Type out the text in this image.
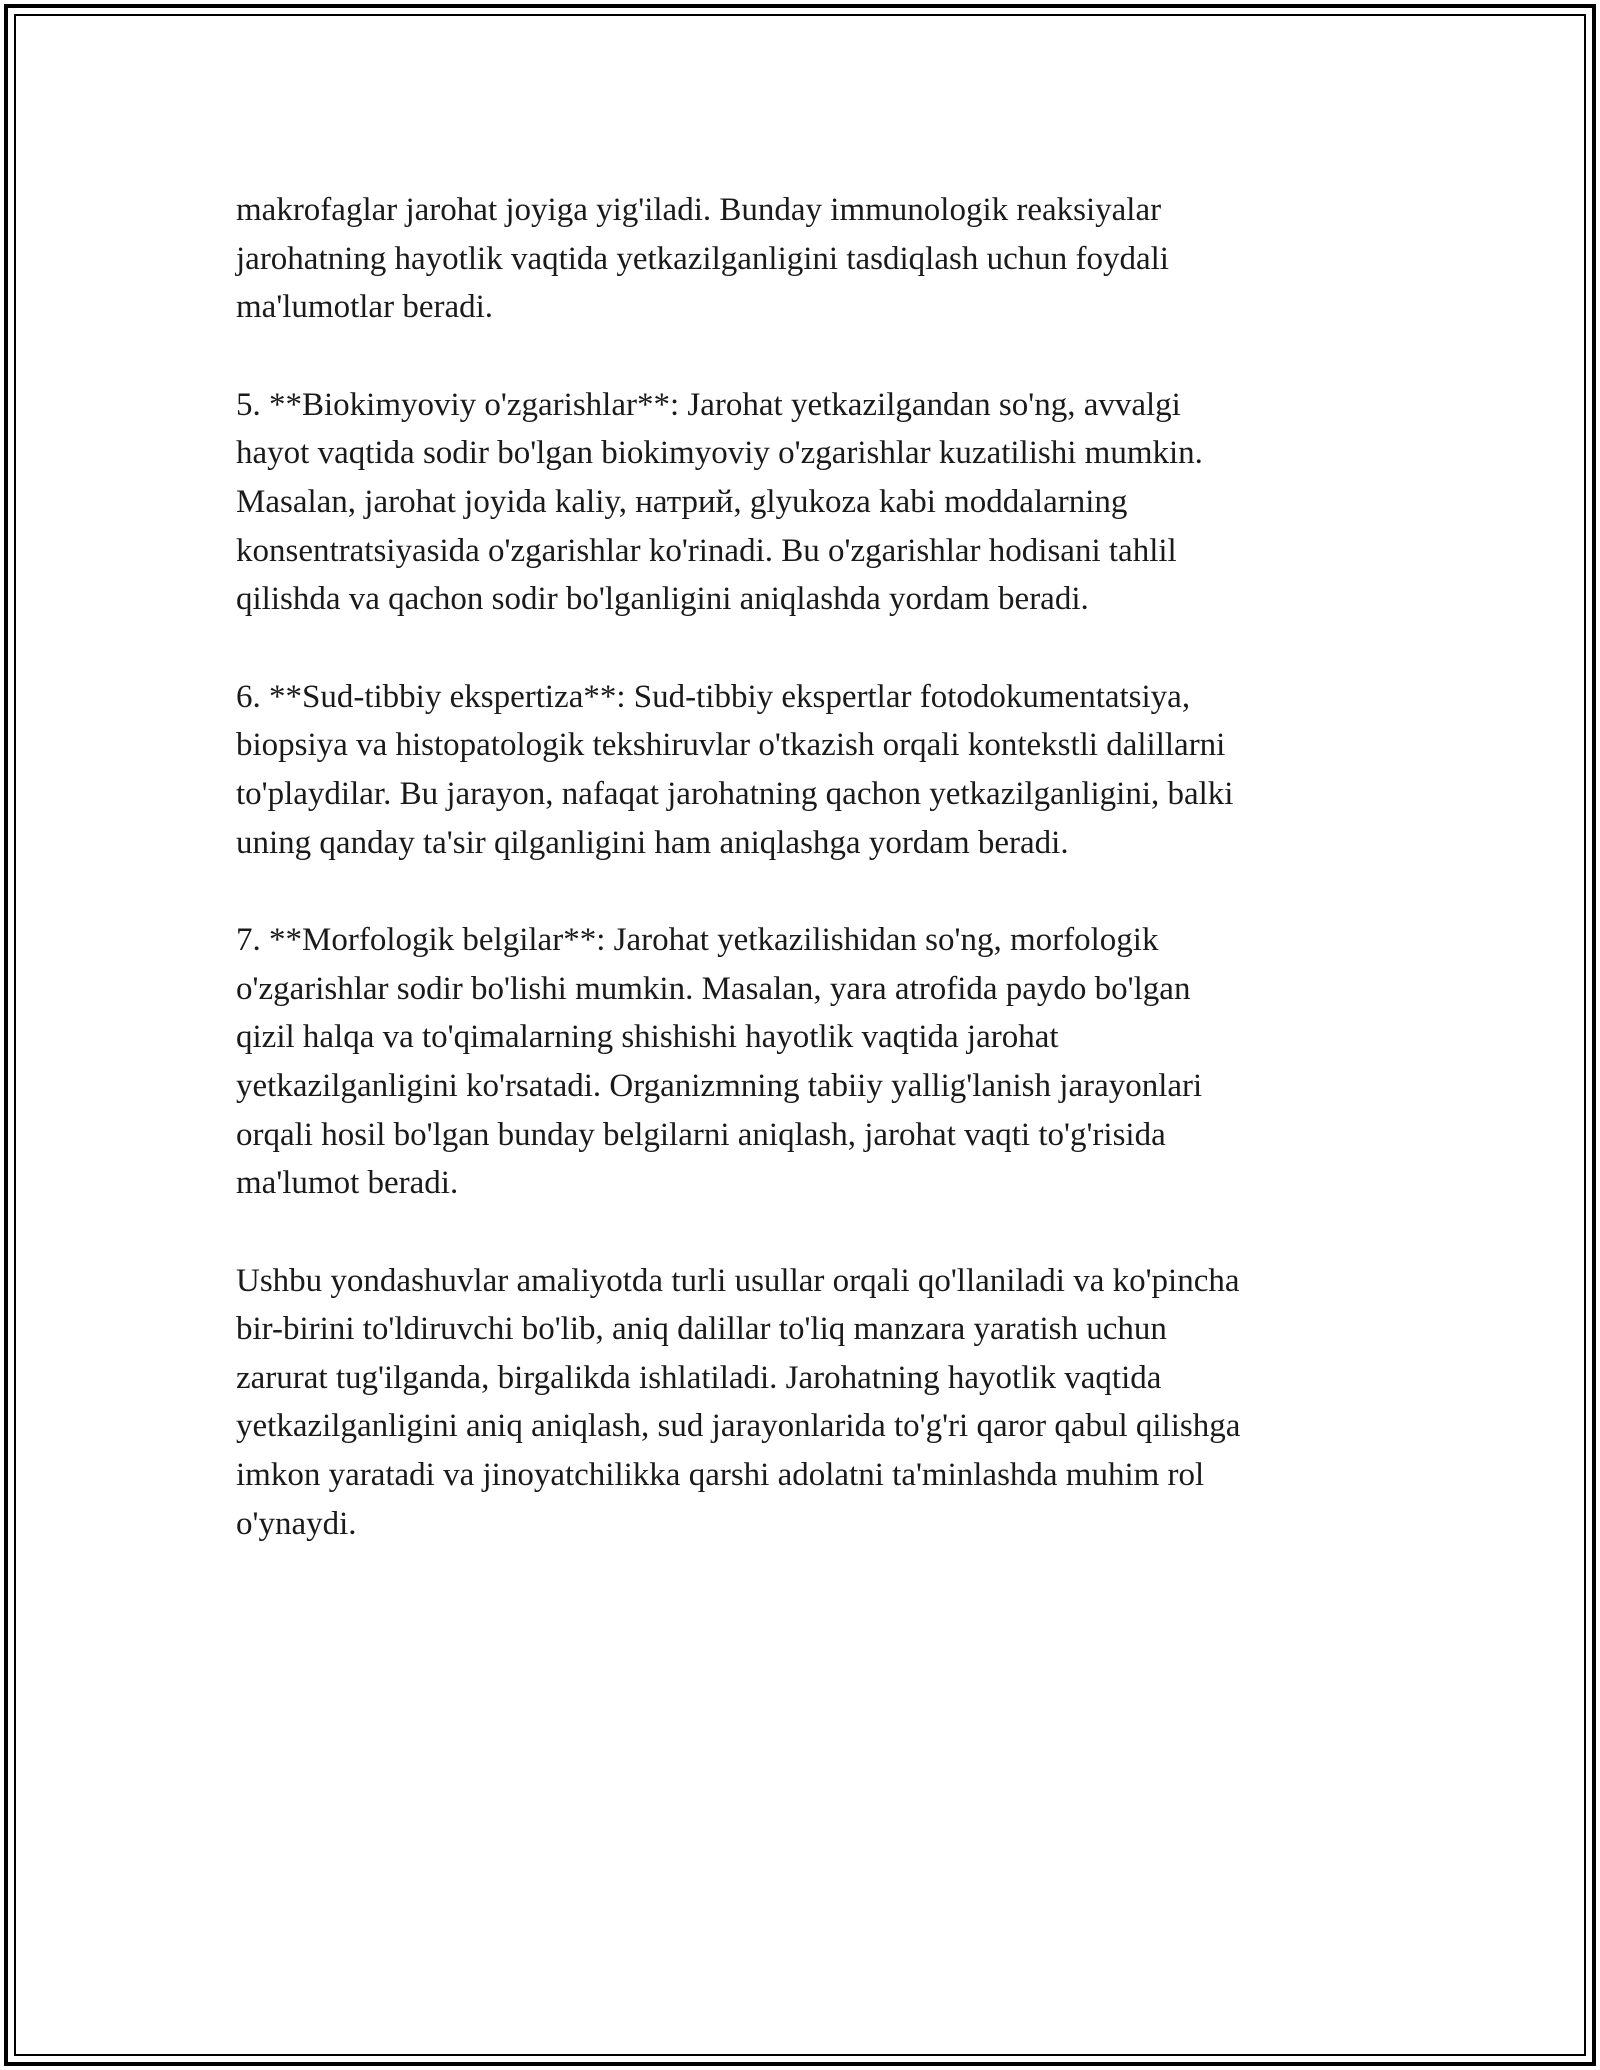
makrofaglar jarohat joyiga yig'iladi. Bunday immunologik reaksiyalar
jarohatning hayotlik vaqtida yetkazilganligini tasdiqlash uchun foydali
ma'lumotlar beradi.

5. **Biokimyoviy o'zgarishlar**: Jarohat yetkazilgandan so'ng, avvalgi
hayot vaqtida sodir bo'lgan biokimyoviy o'zgarishlar kuzatilishi mumkin.
Masalan, jarohat joyida kaliy, натрий, glyukoza kabi moddalarning
konsentratsiyasida o'zgarishlar ko'rinadi. Bu o'zgarishlar hodisani tahlil
qilishda va qachon sodir bo'lganligini aniqlashda yordam beradi.

6. **Sud-tibbiy ekspertiza**: Sud-tibbiy ekspertlar fotodokumentatsiya,
biopsiya va histopatologik tekshiruvlar o'tkazish orqali kontekstli dalillarni
to'playdilar. Bu jarayon, nafaqat jarohatning qachon yetkazilganligini, balki
uning qanday ta'sir qilganligini ham aniqlashga yordam beradi.

7. **Morfologik belgilar**: Jarohat yetkazilishidan so'ng, morfologik
o'zgarishlar sodir bo'lishi mumkin. Masalan, yara atrofida paydo bo'lgan
qizil halqa va to'qimalarning shishishi hayotlik vaqtida jarohat
yetkazilganligini ko'rsatadi. Organizmning tabiiy yallig'lanish jarayonlari
orqali hosil bo'lgan bunday belgilarni aniqlash, jarohat vaqti to'g'risida
ma'lumot beradi.

Ushbu yondashuvlar amaliyotda turli usullar orqali qo'llaniladi va ko'pincha
bir-birini to'ldiruvchi bo'lib, aniq dalillar to'liq manzara yaratish uchun
zarurat tug'ilganda, birgalikda ishlatiladi. Jarohatning hayotlik vaqtida
yetkazilganligini aniq aniqlash, sud jarayonlarida to'g'ri qaror qabul qilishga
imkon yaratadi va jinoyatchilikka qarshi adolatni ta'minlashda muhim rol
o'ynaydi.
